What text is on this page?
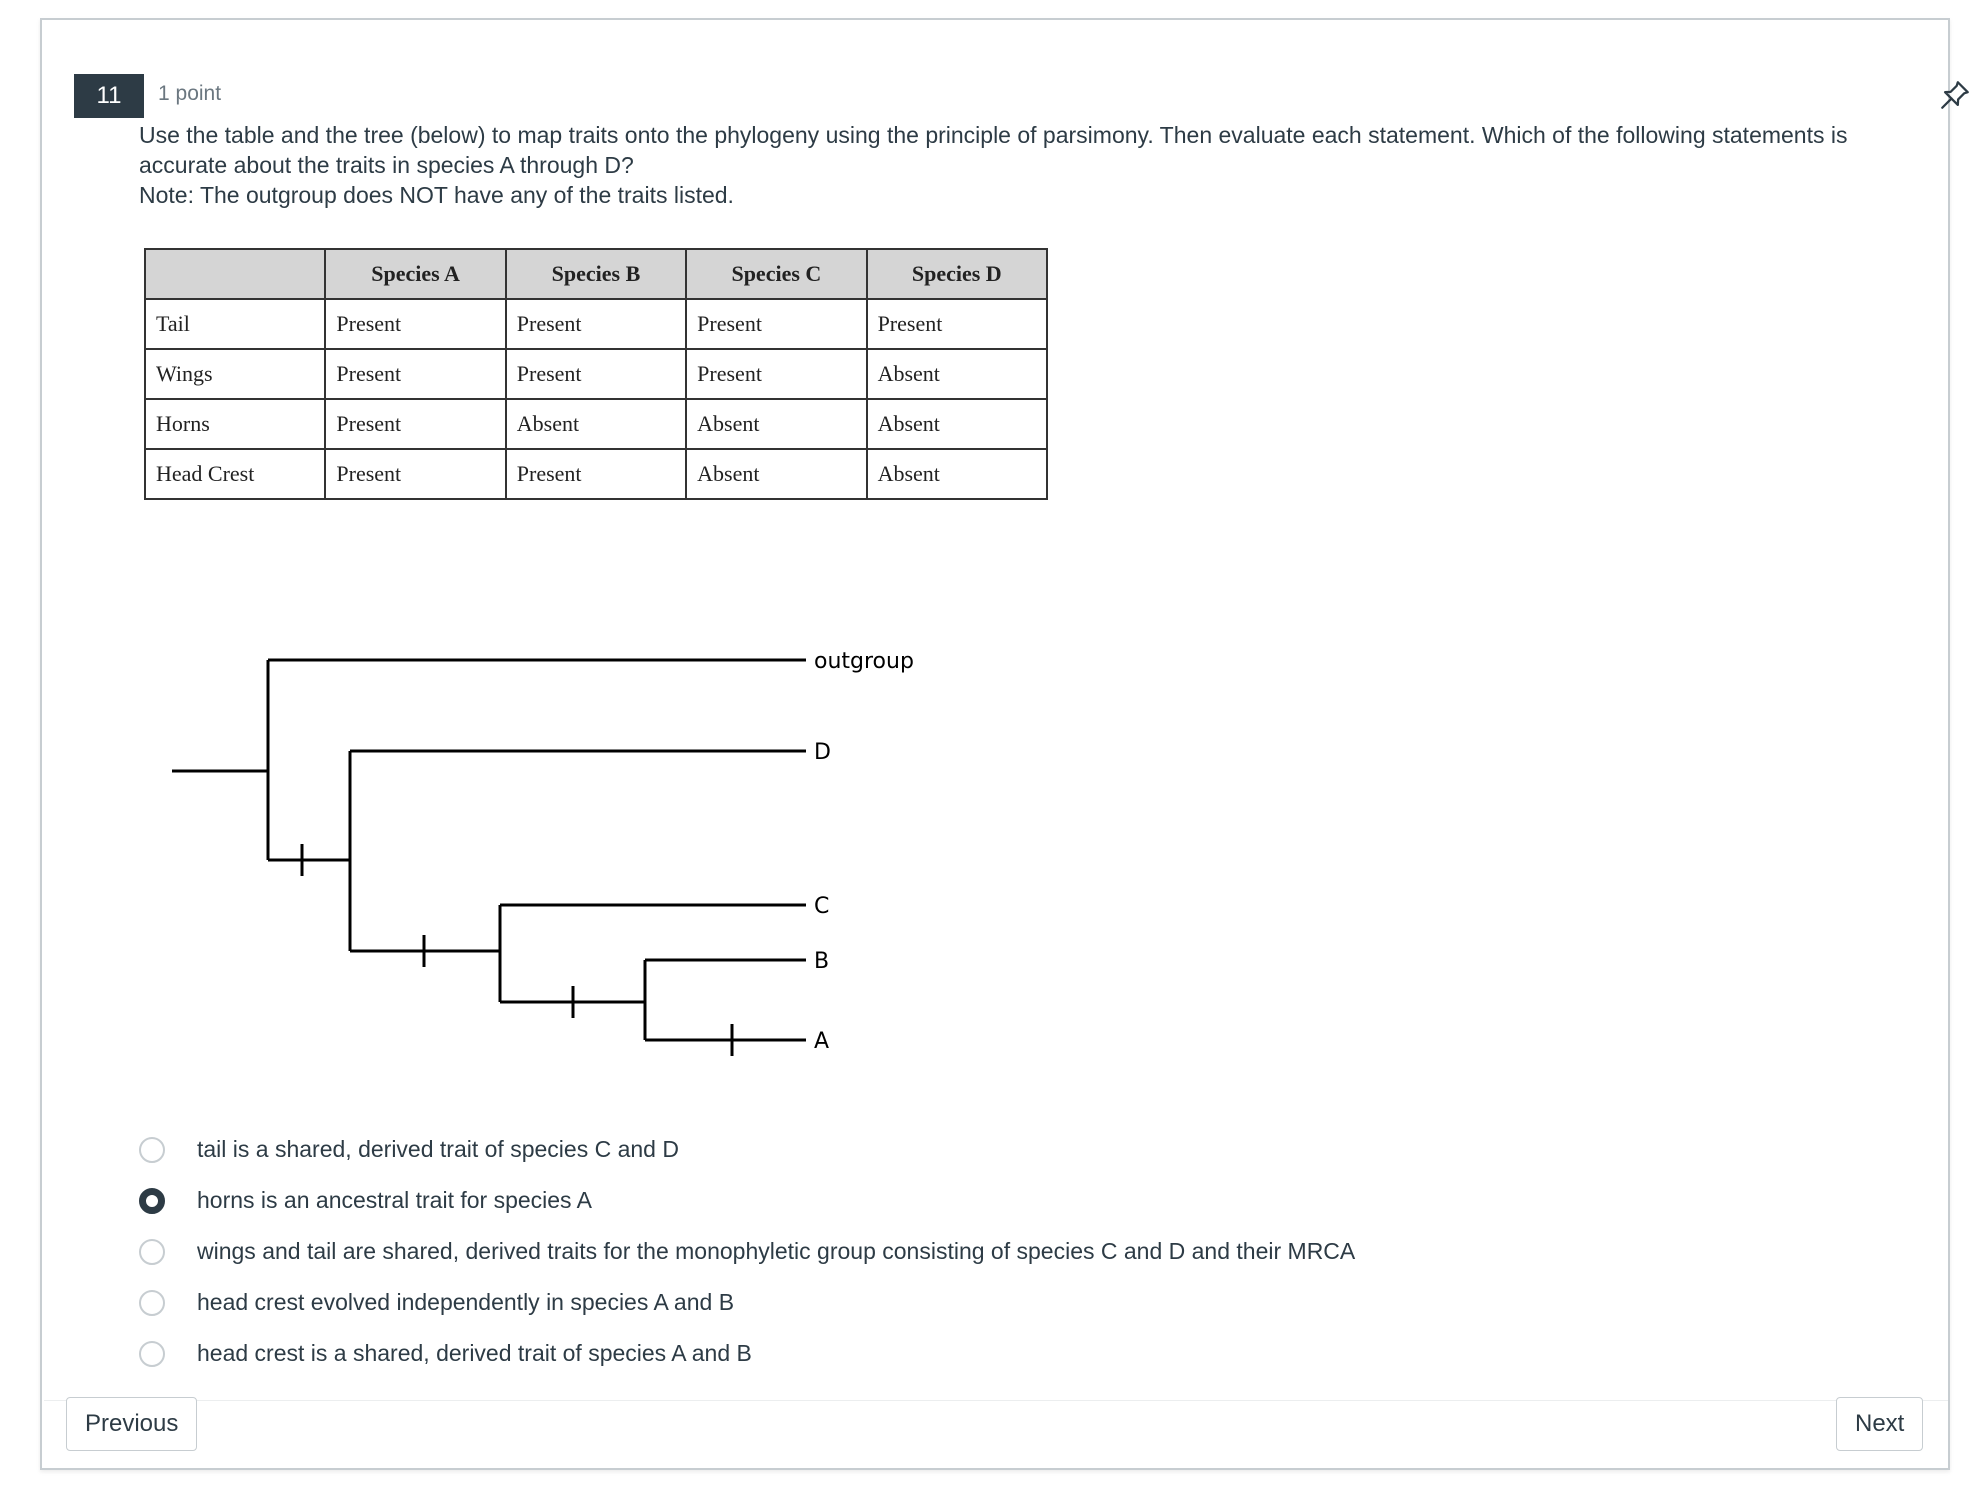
11	1 point

Use the table and the tree (below) to map traits onto the phylogeny using the principle of parsimony. Then evaluate each statement. Which of the following statements is accurate about the traits in species A through D?

Note: The outgroup does NOT have any of the traits listed.

	Species A	Species B	Species C	Species D
Tail	Present	Present	Present	Present
Wings	Present	Present	Present	Absent
Horns	Present	Absent	Absent	Absent
Head Crest	Present	Present	Absent	Absent
outgroup
D
C
B
A
tail is a shared, derived trait of species C and D
horns is an ancestral trait for species A
wings and tail are shared, derived traits for the monophyletic group consisting of species C and D and their MRCA
head crest evolved independently in species A and B
head crest is a shared, derived trait of species A and B
Previous	Next
